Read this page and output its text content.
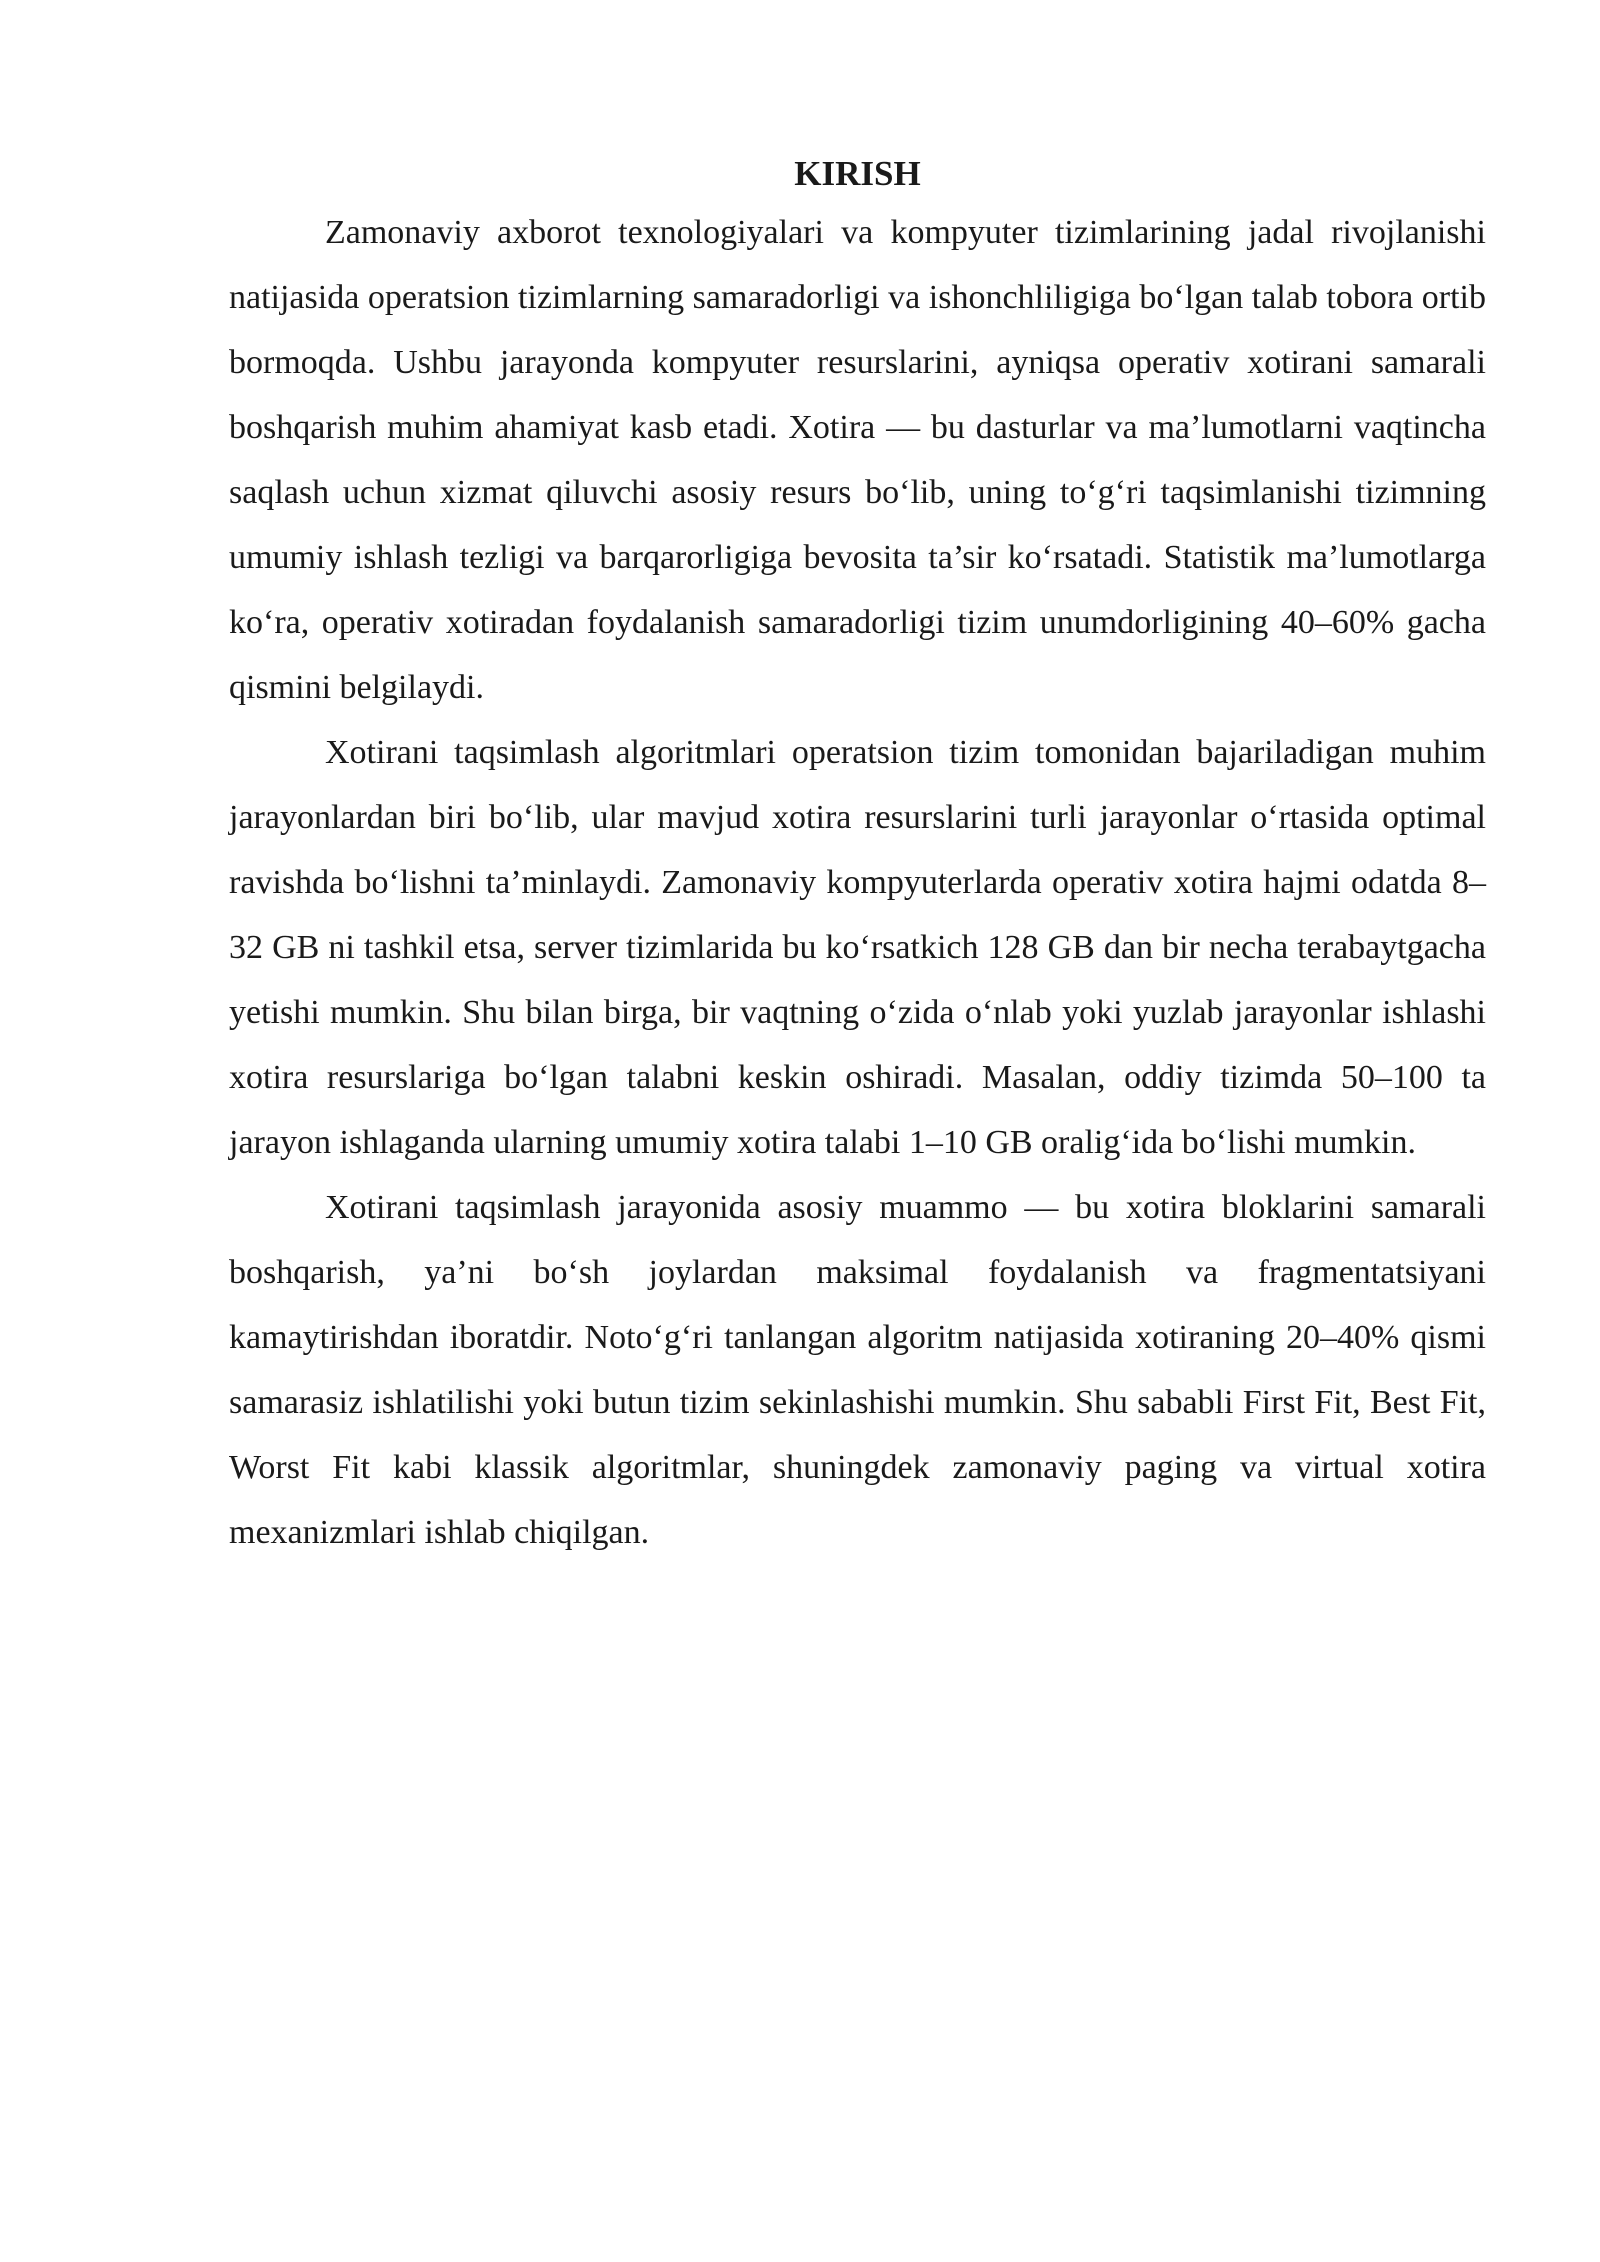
KIRISH

Zamonaviy axborot texnologiyalari va kompyuter tizimlarining jadal rivojlanishi natijasida operatsion tizimlarning samaradorligi va ishonchliligiga bo‘lgan talab tobora ortib bormoqda. Ushbu jarayonda kompyuter resurslarini, ayniqsa operativ xotirani samarali boshqarish muhim ahamiyat kasb etadi. Xotira — bu dasturlar va ma’lumotlarni vaqtincha saqlash uchun xizmat qiluvchi asosiy resurs bo‘lib, uning to‘g‘ri taqsimlanishi tizimning umumiy ishlash tezligi va barqarorligiga bevosita ta’sir ko‘rsatadi. Statistik ma’lumotlarga ko‘ra, operativ xotiradan foydalanish samaradorligi tizim unumdorligining 40–60% gacha qismini belgilaydi.

Xotirani taqsimlash algoritmlari operatsion tizim tomonidan bajariladigan muhim jarayonlardan biri bo‘lib, ular mavjud xotira resurslarini turli jarayonlar o‘rtasida optimal ravishda bo‘lishni ta’minlaydi. Zamonaviy kompyuterlarda operativ xotira hajmi odatda 8–32 GB ni tashkil etsa, server tizimlarida bu ko‘rsatkich 128 GB dan bir necha terabaytgacha yetishi mumkin. Shu bilan birga, bir vaqtning o‘zida o‘nlab yoki yuzlab jarayonlar ishlashi xotira resurslariga bo‘lgan talabni keskin oshiradi. Masalan, oddiy tizimda 50–100 ta jarayon ishlaganda ularning umumiy xotira talabi 1–10 GB oralig‘ida bo‘lishi mumkin.

Xotirani taqsimlash jarayonida asosiy muammo — bu xotira bloklarini samarali boshqarish, ya’ni bo‘sh joylardan maksimal foydalanish va fragmentatsiyani kamaytirishdan iboratdir. Noto‘g‘ri tanlangan algoritm natijasida xotiraning 20–40% qismi samarasiz ishlatilishi yoki butun tizim sekinlashishi mumkin. Shu sababli First Fit, Best Fit, Worst Fit kabi klassik algoritmlar, shuningdek zamonaviy paging va virtual xotira mexanizmlari ishlab chiqilgan.
